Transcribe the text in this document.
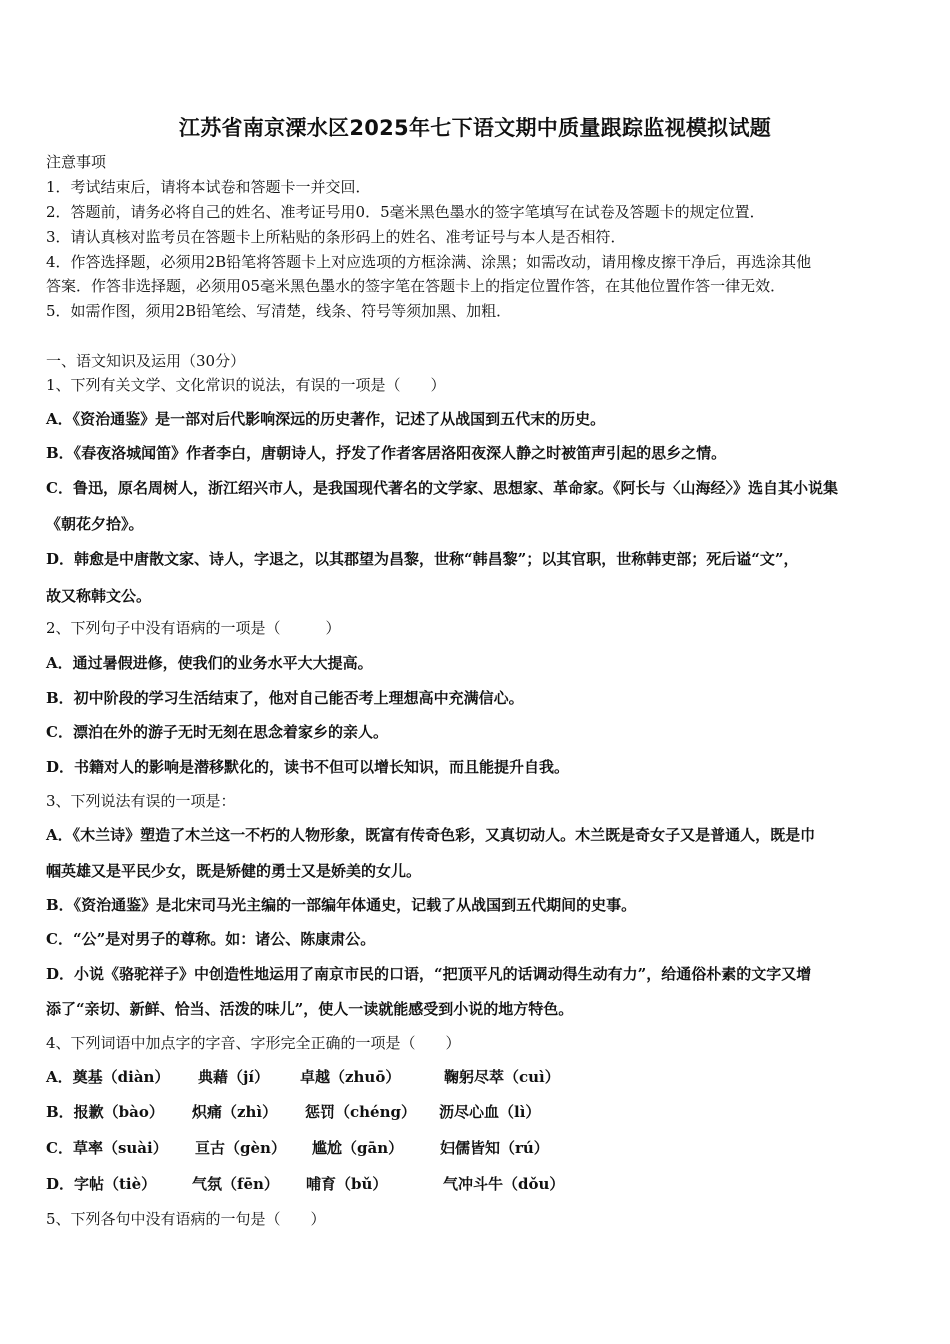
江苏省南京溧水区2025年七下语文期中质量跟踪监视模拟试题
注意事项
1．考试结束后，请将本试卷和答题卡一并交回．
2．答题前，请务必将自己的姓名、准考证号用0．5毫米黑色墨水的签字笔填写在试卷及答题卡的规定位置．
3．请认真核对监考员在答题卡上所粘贴的条形码上的姓名、准考证号与本人是否相符．
4．作答选择题，必须用2B铅笔将答题卡上对应选项的方框涂满、涂黑；如需改动，请用橡皮擦干净后，再选涂其他
答案．作答非选择题，必须用05毫米黑色墨水的签字笔在答题卡上的指定位置作答，在其他位置作答一律无效．
5．如需作图，须用2B铅笔绘、写清楚，线条、符号等须加黑、加粗．
一、语文知识及运用（30分）
1、下列有关文学、文化常识的说法，有误的一项是（　　）
A．《资治通鉴》是一部对后代影响深远的历史著作，记述了从战国到五代末的历史。
B．《春夜洛城闻笛》作者李白，唐朝诗人，抒发了作者客居洛阳夜深人静之时被笛声引起的思乡之情。
C．鲁迅，原名周树人，浙江绍兴市人，是我国现代著名的文学家、思想家、革命家。《阿长与〈山海经〉》选自其小说集
《朝花夕拾》。
D．韩愈是中唐散文家、诗人，字退之，以其郡望为昌黎，世称“韩昌黎”；以其官职，世称韩吏部；死后谥“文”，
故又称韩文公。
2、下列句子中没有语病的一项是（　　　）
A．通过暑假进修，使我们的业务水平大大提高。
B．初中阶段的学习生活结束了，他对自己能否考上理想高中充满信心。
C．漂泊在外的游子无时无刻在思念着家乡的亲人。
D．书籍对人的影响是潜移默化的，读书不但可以增长知识，而且能提升自我。
3、下列说法有误的一项是：
A．《木兰诗》塑造了木兰这一不朽的人物形象，既富有传奇色彩，又真切动人。木兰既是奇女子又是普通人，既是巾
帼英雄又是平民少女，既是矫健的勇士又是娇美的女儿。
B．《资治通鉴》是北宋司马光主编的一部编年体通史，记载了从战国到五代期间的史事。
C．“公”是对男子的尊称。如：诸公、陈康肃公。
D．小说《骆驼祥子》中创造性地运用了南京市民的口语，“把顶平凡的话调动得生动有力”，给通俗朴素的文字又增
添了“亲切、新鲜、恰当、活泼的味儿”，使人一读就能感受到小说的地方特色。
4、下列词语中加点字的字音、字形完全正确的一项是（　　）
A．奠基（diàn） 典藉（jí） 卓越（zhuō）	鞠躬尽萃（cuì）
B．报歉（bào） 炽痛（zhì） 惩罚（chéng） 沥尽心血（lì）
C．草率（suài） 亘古（gèn） 尴尬（gān） 妇儒皆知（rú）
D．字帖（tiè） 气氛（fēn） 哺育（bǔ）	气冲斗牛（dǒu）
5、下列各句中没有语病的一句是（　　）
